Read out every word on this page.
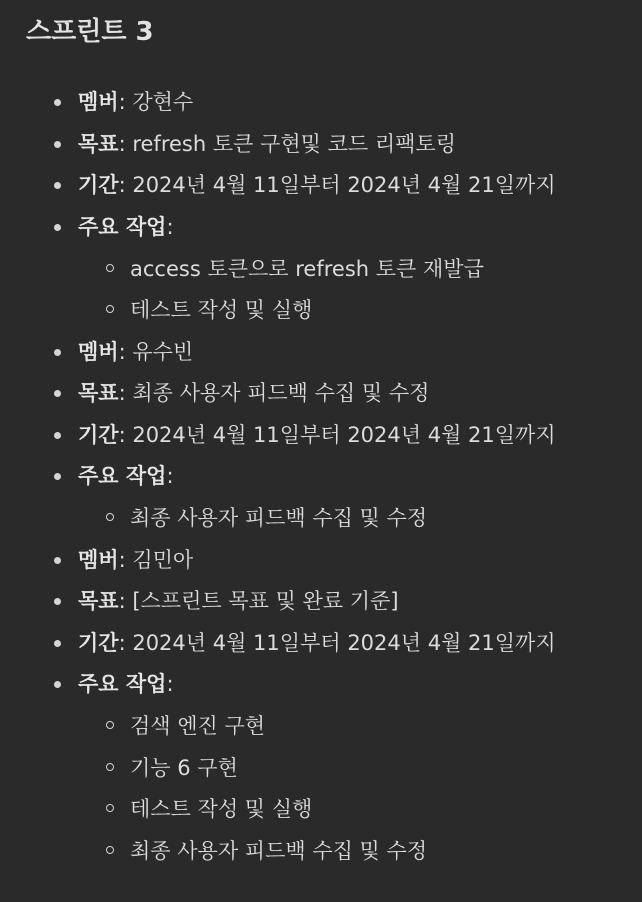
스프린트 3
멤버: 강현수
목표: refresh 토큰 구현및 코드 리팩토링
기간: 2024년 4월 11일부터 2024년 4월 21일까지
주요 작업:
access 토큰으로 refresh 토큰 재발급
테스트 작성 및 실행
멤버: 유수빈
목표: 최종 사용자 피드백 수집 및 수정
기간: 2024년 4월 11일부터 2024년 4월 21일까지
주요 작업:
최종 사용자 피드백 수집 및 수정
멤버: 김민아
목표: [스프린트 목표 및 완료 기준]
기간: 2024년 4월 11일부터 2024년 4월 21일까지
주요 작업:
검색 엔진 구현
기능 6 구현
테스트 작성 및 실행
최종 사용자 피드백 수집 및 수정
